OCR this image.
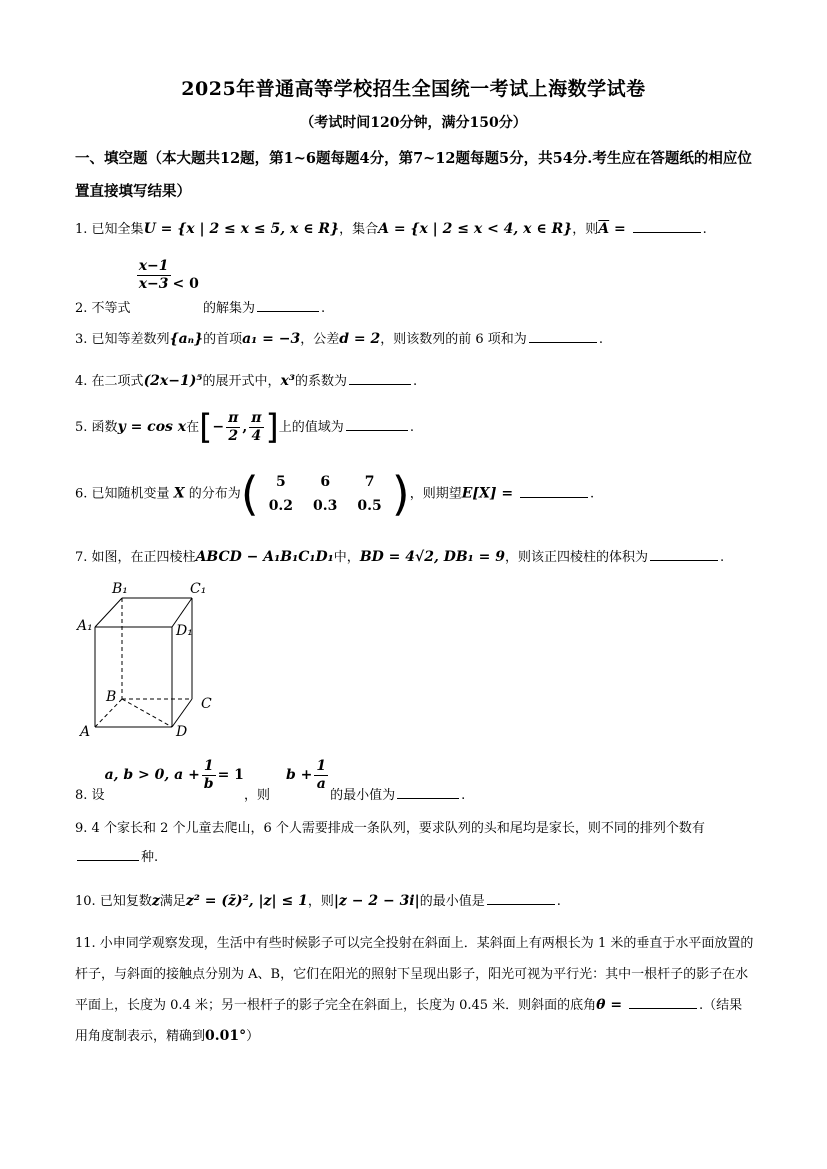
2025年普通高等学校招生全国统一考试上海数学试卷
（考试时间120分钟，满分150分）
一、填空题（本大题共12题，第1~6题每题4分，第7~12题每题5分，共54分.考生应在答题纸的相应位置直接填写结果）
1. 已知全集U = {x | 2 ≤ x ≤ 5, x ∈ R}，集合A = {x | 2 ≤ x < 4, x ∈ R}，则$\overline{A}$ =	.
2. 不等式
$\frac{x-1}{x-3} < 0$ 的解集为	.
3. 已知等差数列{aₙ}的首项a₁ = −3，公差d = 2，则该数列的前 6 项和为	.
4. 在二项式(2x−1)⁵的展开式中，x³的系数为	.
5. 函数y = cos x在[− $\frac{\pi}{2}$ , $\frac{\pi}{4}$ ]上的值域为	.
6. 已知随机变量 X 的分布为( 5	6	7
0.2	0.3	0.5 )，则期望E[X] =	.
7. 如图，在正四棱柱ABCD − A₁B₁C₁D₁中，BD = 4√2, DB₁ = 9，则该正四棱柱的体积为	.
B₁	C₁
A₁	D₁
B	C
A	D
8. 设a, b > 0, $a + \frac{1}{b} = 1$，则$b + \frac{1}{a}$
的最小值为	.
9. 4 个家长和 2 个儿童去爬山，6 个人需要排成一条队列，要求队列的头和尾均是家长，则不同的排列个数有种.
10. 已知复数z满足z² = (z̄)², |z| ≤ 1，则|z − 2 − 3i|的最小值是	.
11. 小申同学观察发现，生活中有些时候影子可以完全投射在斜面上．某斜面上有两根长为 1 米的垂直于水平面放置的杆子，与斜面的接触点分别为 A、B，它们在阳光的照射下呈现出影子，阳光可视为平行光：其中一根杆子的影子在水平面上，长度为 0.4 米；另一根杆子的影子完全在斜面上，长度为 0.45 米．则斜面的底角θ =	.（结果用角度制表示，精确到0.01°）
